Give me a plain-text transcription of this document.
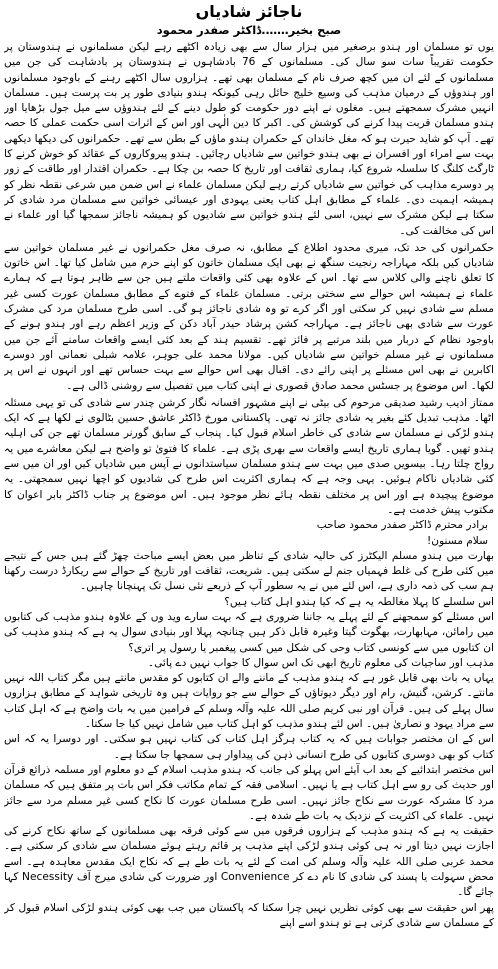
ناجائز شادیاں
صبح بخیر…….ڈاکٹر صفدر محمود

یوں تو مسلمان اور ہندو برصغیر میں ہزار سال سے بھی زیادہ اکٹھے رہے لیکن مسلمانوں نے ہندوستان پر حکومت تقریباً سات سو سال کی۔ مسلمانوں کے 76 بادشاہوں نے ہندوستان پر بادشاہت کی جن میں مسلمانوں کے لئے ان میں کچھ صرف نام کے مسلمان بھی تھے۔ ہزاروں سال اکٹھے رہنے کے باوجود مسلمانوں اور ہندوؤں کے درمیان مذہب کی وسیع خلیج حائل رہی کیونکہ ہندو بنیادی طور پر بت پرست ہیں۔ مسلمان انہیں مشرک سمجھتے ہیں۔ مغلوں نے اپنے دور حکومت کو طول دینے کے لئے ہندوؤں سے میل جول بڑھایا اور ہندو مسلمان قربت پیدا کرنے کی کوشش کی۔ اکبر کا دین الٰہی اور اس کے اثرات اسی حکمت عملی کا حصہ تھے۔ آپ کو شاید حیرت ہو کہ مغل خاندان کے حکمران ہندو ماؤں کے بطن سے تھے۔ حکمرانوں کی دیکھا دیکھی بہت سے امراء اور افسران نے بھی ہندو خواتین سے شادیاں رچائیں۔ ہندو پیروکاروں کے عقائد کو خوش کرنے کا ٹارگٹ کلنگ کا سلسلہ شروع کیا، ہماری ثقافت اور تاریخ کا حصہ بن چکا ہے۔ حکمران اقتدار اور طاقت کے زور پر دوسرے مذاہب کی خواتین سے شادیاں کرتے رہے لیکن مسلمان علماء نے اس ضمن میں شرعی نقطہ نظر کو ہمیشہ اہمیت دی۔ علماء کے مطابق اہل کتاب یعنی یہودی اور عیسائی خواتین سے مسلمان مرد شادی کر سکتا ہے لیکن مشرک سے نہیں، اسی لئے ہندو خواتین سے شادیوں کو ہمیشہ ناجائز سمجھا گیا اور علماء نے اس کی مخالفت کی۔

حکمرانوں کی حد تک، میری محدود اطلاع کے مطابق، نہ صرف مغل حکمرانوں نے غیر مسلمان خواتین سے شادیاں کیں بلکہ مہاراجہ رنجیت سنگھ نے بھی ایک مسلمان خاتون کو اپنے حرم میں شامل کیا تھا۔ اس خاتون کا تعلق ناچنے والی کلاس سے تھا۔ اس کے علاوہ بھی کئی واقعات ملتے ہیں جن سے ظاہر ہوتا ہے کہ ہمارے علماء نے ہمیشہ اس حوالے سے سختی برتی۔ مسلمان علماء کے فتوے کے مطابق مسلمان عورت کسی غیر مسلم سے شادی نہیں کر سکتی اور اگر کرے تو وہ شادی ناجائز ہو گی۔ اسی طرح مسلمان مرد کی مشرک عورت سے شادی بھی ناجائز ہے۔ مہاراجہ کشن پرشاد حیدر آباد دکن کے وزیر اعظم رہے اور ہندو ہونے کے باوجود نظام کے دربار میں بلند مرتبے پر فائز تھے۔ تقسیم ہند کے بعد کئی ایسے واقعات سامنے آئے جن میں مسلمانوں نے غیر مسلم خواتین سے شادیاں کیں۔ مولانا محمد علی جوہر، علامہ شبلی نعمانی اور دوسرے اکابرین نے بھی اس مسئلے پر اپنی رائے دی۔ اقبال بھی اس حوالے سے بہت حساس تھے اور انہوں نے اس پر لکھا۔ اس موضوع پر جسٹس محمد صادق قصوری نے اپنی کتاب میں تفصیل سے روشنی ڈالی ہے۔

ممتاز ادیب رشید صدیقی مرحوم کی بیٹی نے اپنے مشہور افسانہ نگار کرشن چندر سے شادی کی تو یہی مسئلہ اٹھا۔ مذہب تبدیل کئے بغیر یہ شادی جائز نہ تھی۔ پاکستانی مورخ ڈاکٹر عاشق حسین بٹالوی نے لکھا ہے کہ ایک ہندو لڑکی نے مسلمان سے شادی کی خاطر اسلام قبول کیا۔ پنجاب کے سابق گورنر مسلمان تھے جن کی اہلیہ ہندو تھیں۔ گویا ہماری تاریخ ایسے واقعات سے بھری پڑی ہے۔ علماء کا فتویٰ تو واضح ہے لیکن معاشرے میں یہ رواج چلتا رہا۔ بیسویں صدی میں بہت سے ہندو مسلمان سیاستدانوں نے آپس میں شادیاں کیں اور ان میں سے کئی شادیاں ناکام ہوئیں۔ یہی وجہ ہے کہ ہماری اکثریت اس طرح کی شادیوں کو اچھا نہیں سمجھتی۔ یہ موضوع پیچیدہ ہے اور اس پر مختلف نقطہ ہائے نظر موجود ہیں۔ اس موضوع پر جناب ڈاکٹر بابر اعوان کا مکتوب پیش خدمت ہے۔

برادر محترم ڈاکٹر صفدر محمود صاحب
سلام مسنون!

بھارت میں ہندو مسلم الیکٹرز کی حالیہ شادی کے تناظر میں بعض ایسے مباحث چھڑ گئے ہیں جس کے نتیجے میں کئی طرح کی غلط فہمیاں جنم لے سکتی ہیں۔ شریعت، ثقافت اور تاریخ کے حوالے سے ریکارڈ درست رکھنا ہم سب کی ذمہ داری ہے، اس لئے میں نے یہ سطور آپ کے ذریعے نئی نسل تک پہنچانا چاہیں۔

اس سلسلے کا پہلا مغالطہ یہ ہے کہ کیا ہندو اہل کتاب ہیں؟

اس مسئلے کو سمجھنے کے لئے پہلے یہ جاننا ضروری ہے کہ بہت سارے وید وں کے علاوہ ہندو مذہب کی کتابوں میں رامائن، مہابھارت، بھگوت گیتا وغیرہ قابل ذکر ہیں چنانچہ پہلا اور بنیادی سوال یہ ہے کہ ہندو مذہب کی ان کتابوں میں سے کونسی کتاب وحی کی شکل میں کسی پیغمبر یا رسول پر اتری؟

مذہب اور ساجیات کی معلوم تاریخ ابھی تک اس سوال کا جواب نہیں دے پائی۔

یہاں یہ بات بھی قابل غور ہے کہ ہندو مذہب کے ماننے والے ان کتابوں کو مقدس مانتے ہیں مگر کتاب اللہ نہیں مانتے۔ کرشن، گنیش، رام اور دیگر دیوتاؤں کے حوالے سے جو روایات ہیں وہ تاریخی شواہد کے مطابق ہزاروں سال پہلے کی ہیں۔ قرآن اور نبی کریم صلی اللہ علیہ وآلہ وسلم کے فرامین میں یہ بات واضح ہے کہ اہل کتاب سے مراد یہود و نصاریٰ ہیں۔ اس لئے ہندو مذہب کو اہل کتاب میں شامل نہیں کیا جا سکتا۔

اس کے ان مختصر جوابات ہیں کہ یہ کتاب ہرگز اہل کتاب کی کتاب نہیں ہو سکتی۔ اور دوسرا یہ کہ اس کتاب کو بھی دوسری کتابوں کی طرح انسانی ذہن کی پیداوار ہی سمجھا جا سکتا ہے۔

اس مختصر ابتدائیے کے بعد اب آیئے اس پہلو کی جانب کہ ہندو مذہب اسلام کے دو معلوم اور مسلمہ ذرائع قرآن اور حدیث کی رو سے اہل کتاب ہے یا نہیں۔ اسلامی فقہ کے تمام مکاتب فکر اس بات پر متفق ہیں کہ مسلمان مرد کا مشرکہ عورت سے نکاح جائز نہیں۔ اسی طرح مسلمان عورت کا نکاح کسی غیر مسلم مرد سے جائز نہیں۔ علماء کی اکثریت کے نزدیک یہ بات طے شدہ ہے۔

حقیقت یہ ہے کہ ہندو مذہب کے ہزاروں فرقوں میں سے کوئی فرقہ بھی مسلمانوں کے ساتھ نکاح کرنے کی اجازت نہیں دیتا اور نہ ہی کوئی ہندو لڑکی اپنے مذہب پر قائم رہتے ہوئے مسلمان سے شادی کر سکتی ہے۔ محمد عربی صلی اللہ علیہ وآلہ وسلم کی امت کے لئے یہ بات طے ہے کہ نکاح ایک مقدس معاہدہ ہے۔ اسے محض سہولت یا پسند کی شادی کا نام دے کر Convenience اور ضرورت کی شادی میرج آف Necessity کہا جائے گا۔

پھر اس حقیقت سے بھی کوئی نظریں نہیں چرا سکتا کہ پاکستان میں جب بھی کوئی ہندو لڑکی اسلام قبول کر کے مسلمان سے شادی کرتی ہے تو ہندو اسے اپنے
